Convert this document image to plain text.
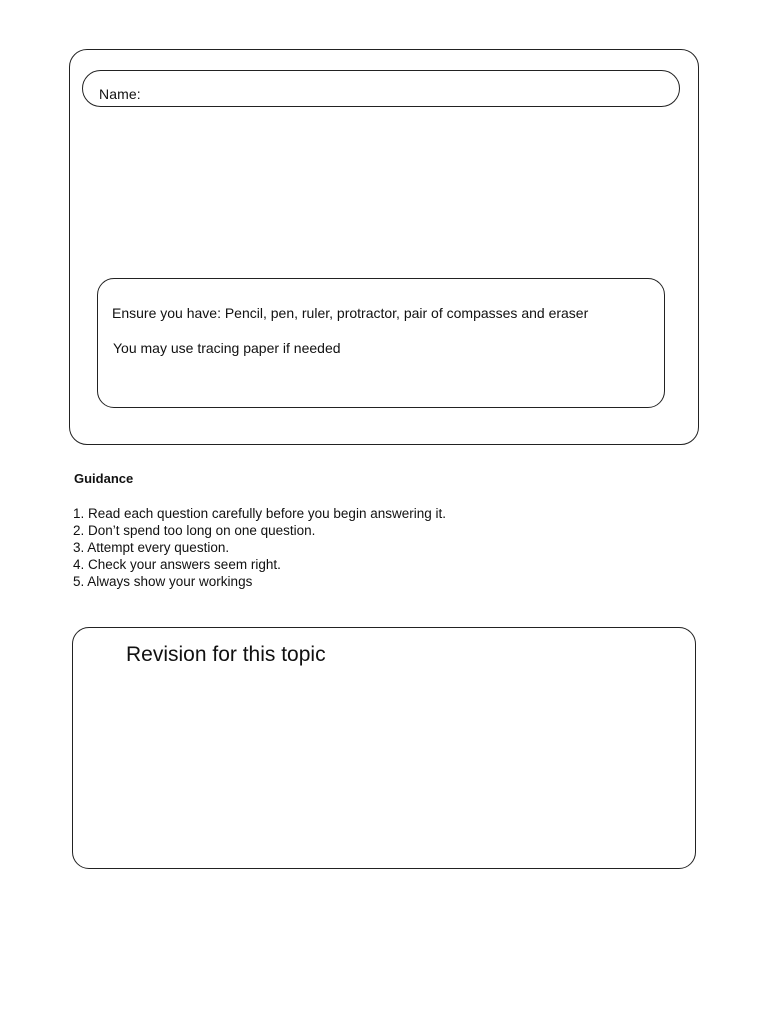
Name:
Ensure you have: Pencil, pen, ruler, protractor, pair of compasses and eraser
You may use tracing paper if needed
Guidance
1. Read each question carefully before you begin answering it.
2. Don’t spend too long on one question.
3. Attempt every question.
4. Check your answers seem right.
5. Always show your workings
Revision for this topic
